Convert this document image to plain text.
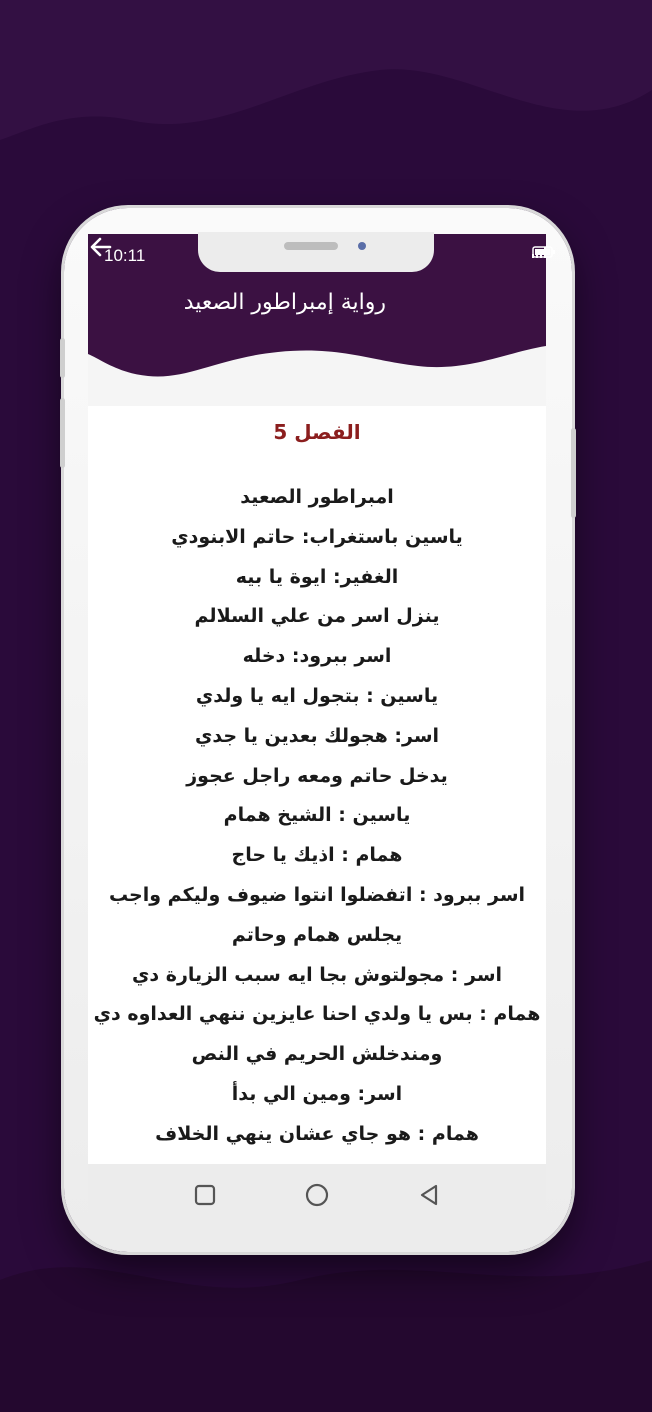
10:11
رواية إمبراطور الصعيد
الفصل 5
امبراطور الصعيد
ياسين باستغراب: حاتم الابنودي
الغفير: ايوة يا بيه
ينزل اسر من علي السلالم
اسر ببرود: دخله
ياسين : بتجول ايه يا ولدي
اسر: هجولك بعدين يا جدي
يدخل حاتم ومعه راجل عجوز
ياسين : الشيخ همام
همام : اذيك يا حاج
اسر ببرود : اتفضلوا انتوا ضيوف وليكم واجب
يجلس همام وحاتم
اسر : مجولتوش بجا ايه سبب الزيارة دي
همام : بس يا ولدي احنا عايزين ننهي العداوه دي
ومندخلش الحريم في النص
اسر: ومين الي بدأ
همام : هو جاي عشان ينهي الخلاف
